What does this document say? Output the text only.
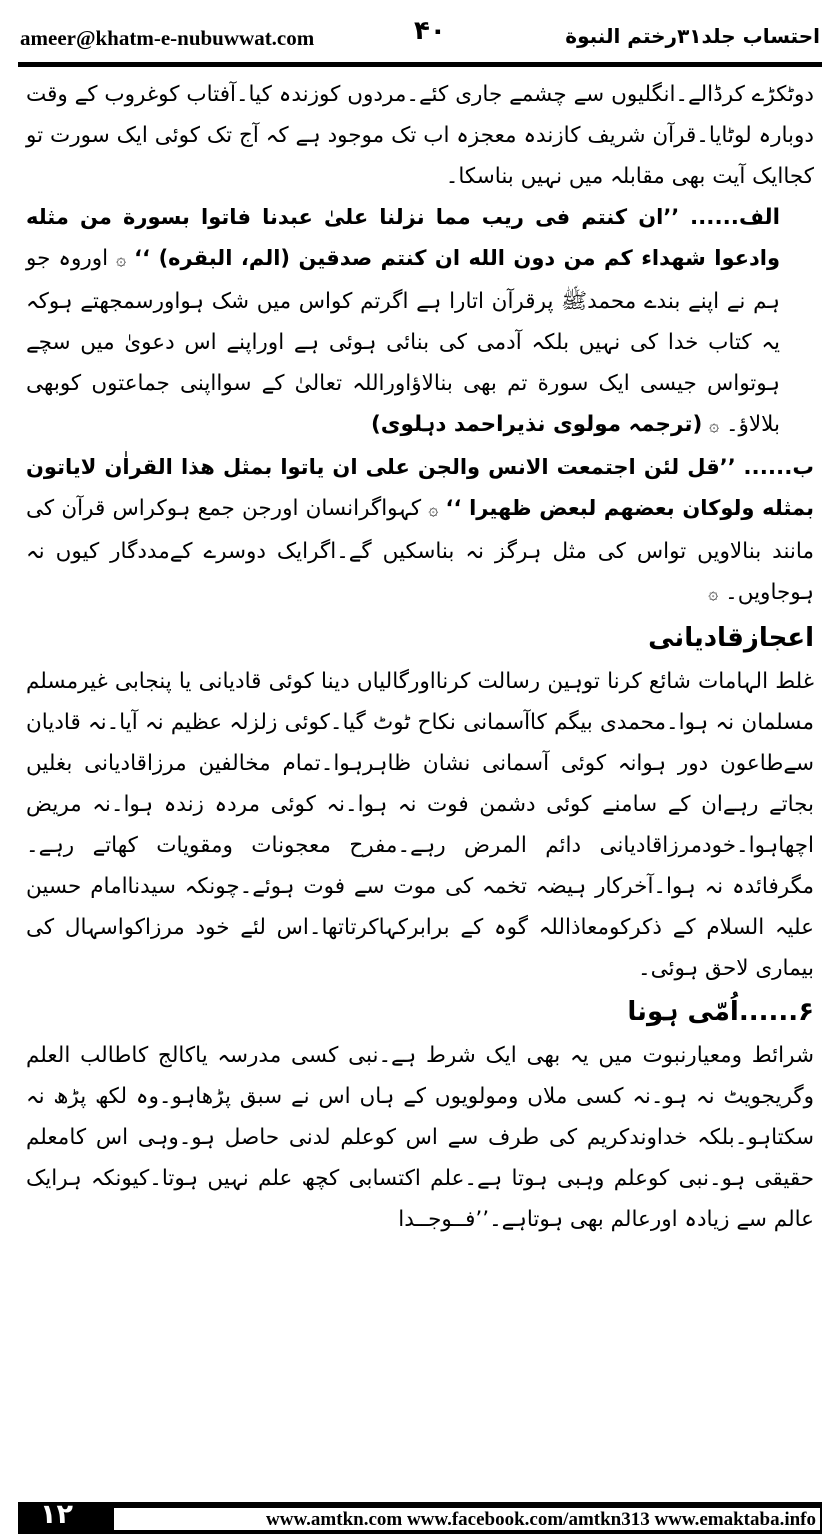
ameer@khatm-e-nubuwwat.com	۴۰	احتساب جلد۳۱رختم النبوة

دوٹکڑے کرڈالے۔انگلیوں سے چشمے جاری کئے۔مردوں کوزندہ کیا۔آفتاب کوغروب کے وقت دوبارہ لوٹایا۔قرآن شریف کازندہ معجزہ اب تک موجود ہے کہ آج تک کوئی ایک سورت تو کجاایک آیت بھی مقابلہ میں نہیں بناسکا۔

الف...... ’’ان کنتم فی ریب مما نزلنا علیٰ عبدنا فاتوا بسورة من مثله وادعوا شهداء کم من دون الله ان کنتم صدقین (الم، البقره) ‘‘ ۞ اوروہ جو ہم نے اپنے بندے محمدﷺ پرقرآن اتارا ہے اگرتم کواس میں شک ہواورسمجھتے ہوکہ یہ کتاب خدا کی نہیں بلکہ آدمی کی بنائی ہوئی ہے اوراپنے اس دعویٰ میں سچے ہوتواس جیسی ایک سورة تم بھی بنالاؤاوراللہ تعالیٰ کے سوااپنی جماعتوں کوبھی بلالاؤ۔ ۞ (ترجمہ مولوی نذیراحمد دہلوی)

ب...... ’’قل لئن اجتمعت الانس والجن علی ان یاتوا بمثل هذا القراٰن لایاتون بمثله ولوکان بعضهم لبعض ظهیرا ‘‘ ۞ کہواگرانسان اورجن جمع ہوکراس قرآن کی مانند بنالاویں تواس کی مثل ہرگز نہ بناسکیں گے۔اگرایک دوسرے کےمددگار کیوں نہ ہوجاویں۔ ۞

اعجازقادیانی

غلط الہامات شائع کرنا توہین رسالت کرنااورگالیاں دینا کوئی قادیانی یا پنجابی غیرمسلم مسلمان نہ ہوا۔محمدی بیگم کاآسمانی نکاح ٹوٹ گیا۔کوئی زلزلہ عظیم نہ آیا۔نہ قادیان سےطاعون دور ہوانہ کوئی آسمانی نشان ظاہرہوا۔تمام مخالفین مرزاقادیانی بغلیں بجاتے رہےان کے سامنے کوئی دشمن فوت نہ ہوا۔نہ کوئی مردہ زندہ ہوا۔نہ مریض اچھاہوا۔خودمرزاقادیانی دائم المرض رہے۔مفرح معجونات ومقویات کھاتے رہے۔مگرفائدہ نہ ہوا۔آخرکار ہیضہ تخمہ کی موت سے فوت ہوئے۔چونکہ سیدناامام حسین علیہ السلام کے ذکرکومعاذاللہ گوہ کے برابرکہاکرتاتھا۔اس لئے خود مرزاکواسہال کی بیماری لاحق ہوئی۔

۶......اُمّی ہونا

شرائط ومعیارنبوت میں یہ بھی ایک شرط ہے۔نبی کسی مدرسہ یاکالج کاطالب العلم وگریجویٹ نہ ہو۔نہ کسی ملاں ومولویوں کے ہاں اس نے سبق پڑھاہو۔وہ لکھ پڑھ نہ سکتاہو۔بلکہ خداوندکریم کی طرف سے اس کوعلم لدنی حاصل ہو۔وہی اس کامعلم حقیقی ہو۔نبی کوعلم وہبی ہوتا ہے۔علم اکتسابی کچھ علم نہیں ہوتا۔کیونکہ ہرایک عالم سے زیادہ اورعالم بھی ہوتاہے۔’’فــوجــدا

۱۲	www.amtkn.com www.facebook.com/amtkn313 www.emaktaba.info
